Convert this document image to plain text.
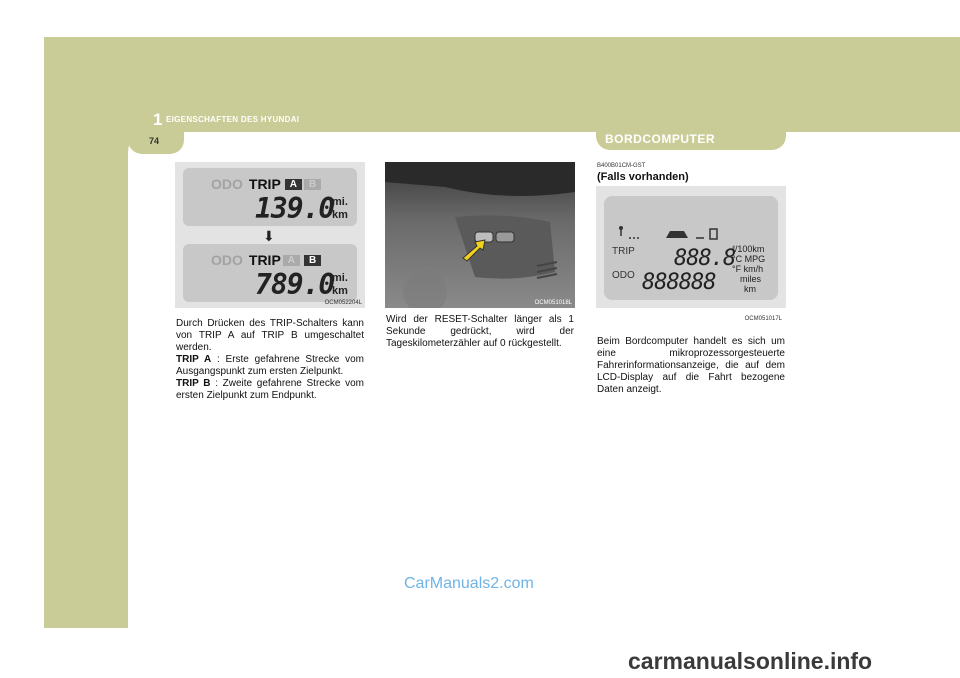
1 EIGENSCHAFTEN DES HYUNDAI
74	BORDCOMPUTER
ODO TRIP A B
139.0
mi.
km
⬇
ODO TRIP A B
789.0
mi.
km
OCM052204L	OCM051018L
B400B01CM-GST
(Falls vorhanden)
TRIP
ODO
888.8
888888
ℓ/100km
°C MPG
°F km/h
miles
km
OCM051017L
Durch Drücken des TRIP-Schalters kann von TRIP A auf TRIP B umgeschaltet werden.
TRIP A : Erste gefahrene Strecke vom Ausgangspunkt zum ersten Zielpunkt.
TRIP B : Zweite gefahrene Strecke vom ersten Zielpunkt zum Endpunkt.
Wird der RESET-Schalter länger als 1 Sekunde gedrückt, wird der Tageskilometerzähler auf 0 rückgestellt.	Beim Bordcomputer handelt es sich um eine mikroprozessorgesteuerte Fahrerinformationsanzeige, die auf dem LCD-Display auf die Fahrt bezogene Daten anzeigt.
CarManuals2.com
carmanualsonline.info
